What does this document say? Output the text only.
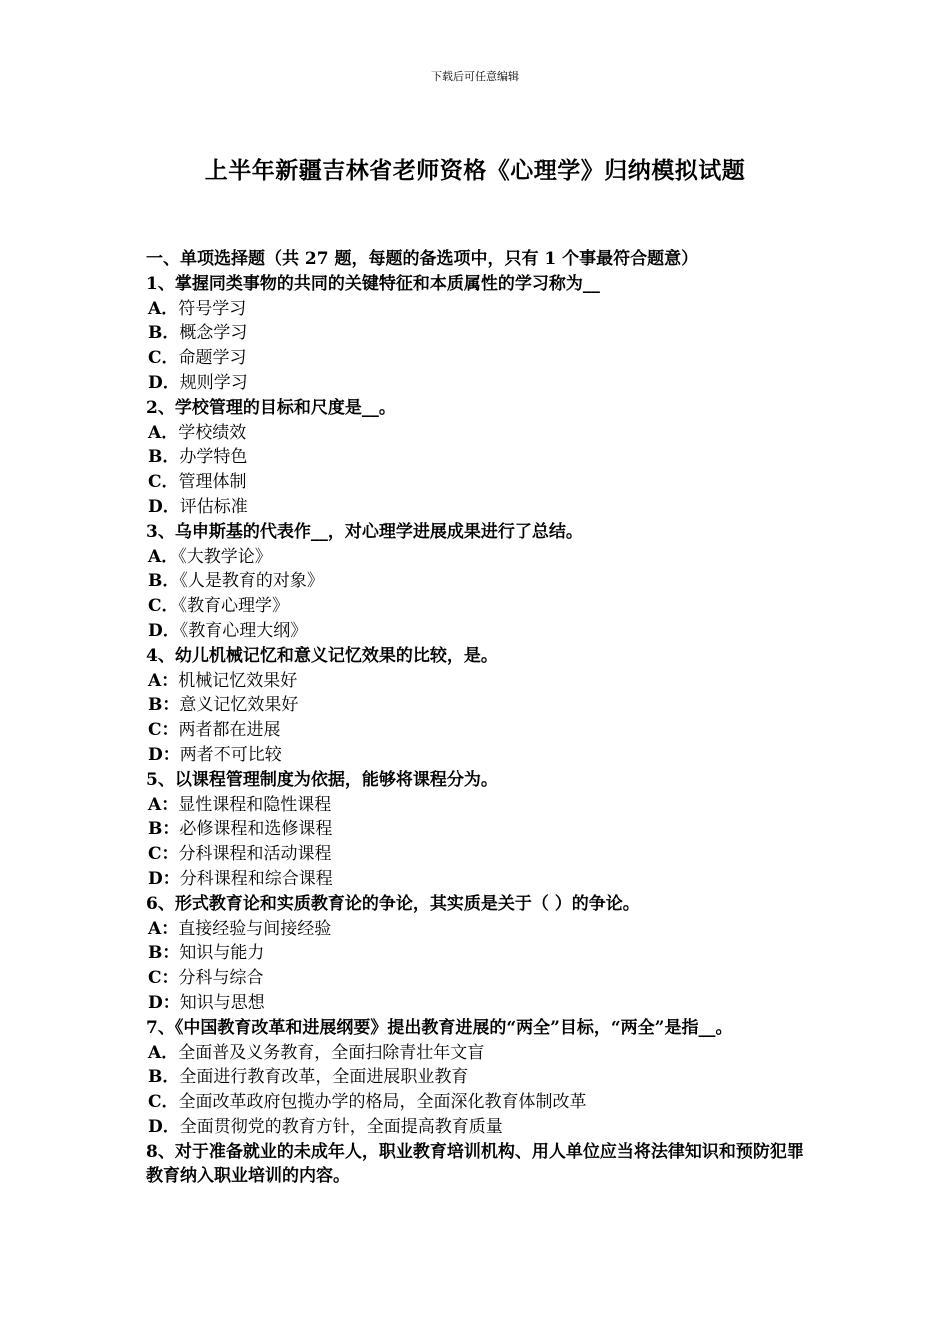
下载后可任意编辑
上半年新疆吉林省老师资格《心理学》归纳模拟试题
一、单项选择题（共 27 题，每题的备选项中，只有 1 个事最符合题意）
1、掌握同类事物的共同的关键特征和本质属性的学习称为__
A．符号学习
B．概念学习
C．命题学习
D．规则学习
2、学校管理的目标和尺度是__。
A．学校绩效
B．办学特色
C．管理体制
D．评估标准
3、乌申斯基的代表作__，对心理学进展成果进行了总结。
A．《大教学论》
B．《人是教育的对象》
C．《教育心理学》
D．《教育心理大纲》
4、幼儿机械记忆和意义记忆效果的比较，是。
A：机械记忆效果好
B：意义记忆效果好
C：两者都在进展
D：两者不可比较
5、以课程管理制度为依据，能够将课程分为。
A：显性课程和隐性课程
B：必修课程和选修课程
C：分科课程和活动课程
D：分科课程和综合课程
6、形式教育论和实质教育论的争论，其实质是关于（ ）的争论。
A：直接经验与间接经验
B：知识与能力
C：分科与综合
D：知识与思想
7、《中国教育改革和进展纲要》提出教育进展的“两全”目标，“两全”是指__。
A．全面普及义务教育，全面扫除青壮年文盲
B．全面进行教育改革，全面进展职业教育
C．全面改革政府包揽办学的格局，全面深化教育体制改革
D．全面贯彻党的教育方针，全面提高教育质量
8、对于准备就业的未成年人，职业教育培训机构、用人单位应当将法律知识和预防犯罪教育纳入职业培训的内容。
